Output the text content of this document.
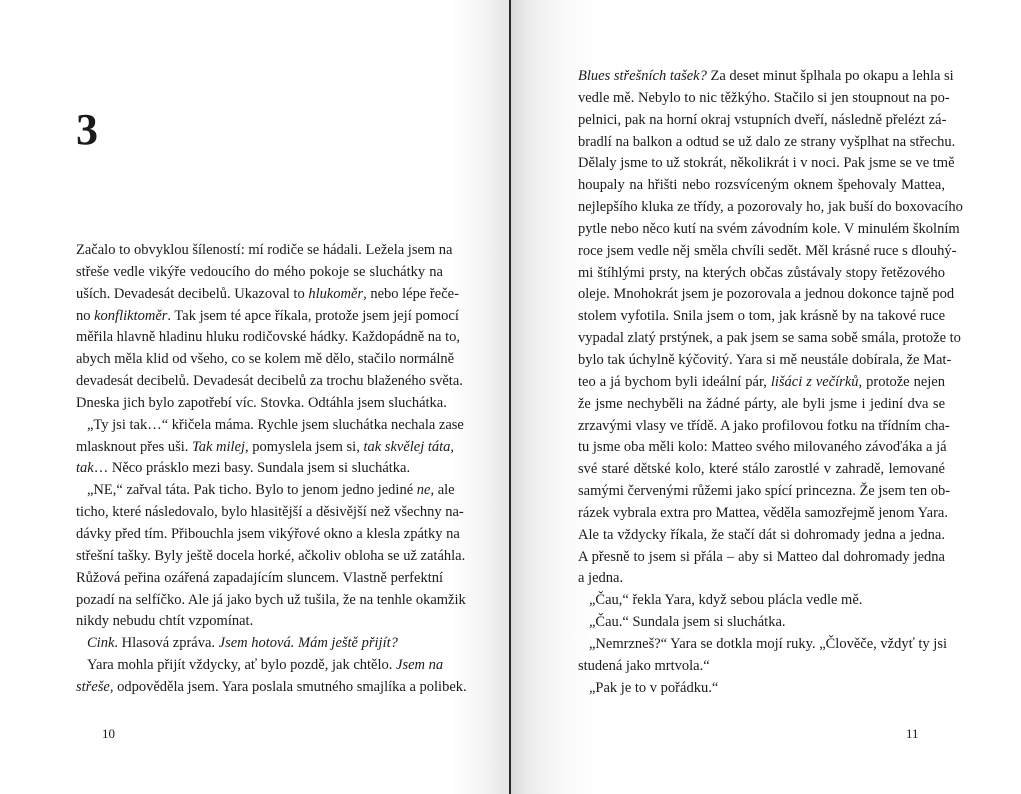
3
Začalo to obvyklou šíleností: mí rodiče se hádali. Ležela jsem na
střeše vedle vikýře vedoucího do mého pokoje se sluchátky na
uších. Devadesát decibelů. Ukazoval to hlukoměr, nebo lépe řeče-
no konfliktoměr. Tak jsem té apce říkala, protože jsem její pomocí
měřila hlavně hladinu hluku rodičovské hádky. Každopádně na to,
abych měla klid od všeho, co se kolem mě dělo, stačilo normálně
devadesát decibelů. Devadesát decibelů za trochu blaženého světa.
Dneska jich bylo zapotřebí víc. Stovka. Odtáhla jsem sluchátka.
„Ty jsi tak…“ křičela máma. Rychle jsem sluchátka nechala zase
mlasknout přes uši. Tak milej, pomyslela jsem si, tak skvělej táta,
tak… Něco prásklo mezi basy. Sundala jsem si sluchátka.
„NE,“ zařval táta. Pak ticho. Bylo to jenom jedno jediné ne, ale
ticho, které následovalo, bylo hlasitější a děsivější než všechny na-
dávky před tím. Přibouchla jsem vikýřové okno a klesla zpátky na
střešní tašky. Byly ještě docela horké, ačkoliv obloha se už zatáhla.
Růžová peřina ozářená zapadajícím sluncem. Vlastně perfektní
pozadí na selfíčko. Ale já jako bych už tušila, že na tenhle okamžik
nikdy nebudu chtít vzpomínat.
Cink. Hlasová zpráva. Jsem hotová. Mám ještě přijít?
Yara mohla přijít vždycky, ať bylo pozdě, jak chtělo. Jsem na
střeše, odpověděla jsem. Yara poslala smutného smajlíka a polibek.
10
Blues střešních tašek? Za deset minut šplhala po okapu a lehla si
vedle mě. Nebylo to nic těžkýho. Stačilo si jen stoupnout na po-
pelnici, pak na horní okraj vstupních dveří, následně přelézt zá-
bradlí na balkon a odtud se už dalo ze strany vyšplhat na střechu.
Dělaly jsme to už stokrát, několikrát i v noci. Pak jsme se ve tmě
houpaly na hřišti nebo rozsvíceným oknem špehovaly Mattea,
nejlepšího kluka ze třídy, a pozorovaly ho, jak buší do boxovacího
pytle nebo něco kutí na svém závodním kole. V minulém školním
roce jsem vedle něj směla chvíli sedět. Měl krásné ruce s dlouhý-
mi štíhlými prsty, na kterých občas zůstávaly stopy řetězového
oleje. Mnohokrát jsem je pozorovala a jednou dokonce tajně pod
stolem vyfotila. Snila jsem o tom, jak krásně by na takové ruce
vypadal zlatý prstýnek, a pak jsem se sama sobě smála, protože to
bylo tak úchylně kýčovitý. Yara si mě neustále dobírala, že Mat-
teo a já bychom byli ideální pár, lišáci z večírků, protože nejen
že jsme nechyběli na žádné párty, ale byli jsme i jediní dva se
zrzavými vlasy ve třídě. A jako profilovou fotku na třídním cha-
tu jsme oba měli kolo: Matteo svého milovaného závoďáka a já
své staré dětské kolo, které stálo zarostlé v zahradě, lemované
samými červenými růžemi jako spící princezna. Že jsem ten ob-
rázek vybrala extra pro Mattea, věděla samozřejmě jenom Yara.
Ale ta vždycky říkala, že stačí dát si dohromady jedna a jedna.
A přesně to jsem si přála – aby si Matteo dal dohromady jedna
a jedna.
„Čau,“ řekla Yara, když sebou plácla vedle mě.
„Čau.“ Sundala jsem si sluchátka.
„Nemrzneš?“ Yara se dotkla mojí ruky. „Člověče, vždyť ty jsi
studená jako mrtvola.“
„Pak je to v pořádku.“
11
